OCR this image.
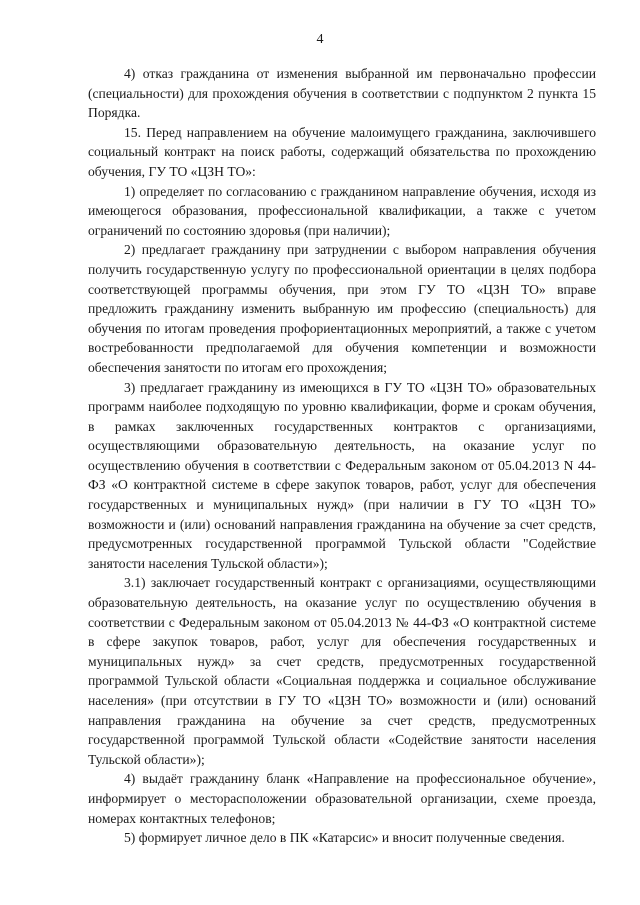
4

4) отказ гражданина от изменения выбранной им первоначально профессии (специальности) для прохождения обучения в соответствии с подпунктом 2 пункта 15 Порядка.

15. Перед направлением на обучение малоимущего гражданина, заключившего социальный контракт на поиск работы, содержащий обязательства по прохождению обучения, ГУ ТО «ЦЗН ТО»:

1) определяет по согласованию с гражданином направление обучения, исходя из имеющегося образования, профессиональной квалификации, а также с учетом ограничений по состоянию здоровья (при наличии);

2) предлагает гражданину при затруднении с выбором направления обучения получить государственную услугу по профессиональной ориентации в целях подбора соответствующей программы обучения, при этом ГУ ТО «ЦЗН ТО» вправе предложить гражданину изменить выбранную им профессию (специальность) для обучения по итогам проведения профориентационных мероприятий, а также с учетом востребованности предполагаемой для обучения компетенции и возможности обеспечения занятости по итогам его прохождения;

3) предлагает гражданину из имеющихся в ГУ ТО «ЦЗН ТО» образовательных программ наиболее подходящую по уровню квалификации, форме и срокам обучения, в рамках заключенных государственных контрактов с организациями, осуществляющими образовательную деятельность, на оказание услуг по осуществлению обучения в соответствии с Федеральным законом от 05.04.2013 N 44-ФЗ «О контрактной системе в сфере закупок товаров, работ, услуг для обеспечения государственных и муниципальных нужд» (при наличии в ГУ ТО «ЦЗН ТО» возможности и (или) оснований направления гражданина на обучение за счет средств, предусмотренных государственной программой Тульской области "Содействие занятости населения Тульской области»);

3.1) заключает государственный контракт с организациями, осуществляющими образовательную деятельность, на оказание услуг по осуществлению обучения в соответствии с Федеральным законом от 05.04.2013 № 44-ФЗ «О контрактной системе в сфере закупок товаров, работ, услуг для обеспечения государственных и муниципальных нужд» за счет средств, предусмотренных государственной программой Тульской области «Социальная поддержка и социальное обслуживание населения» (при отсутствии в ГУ ТО «ЦЗН ТО» возможности и (или) оснований направления гражданина на обучение за счет средств, предусмотренных государственной программой Тульской области «Содействие занятости населения Тульской области»);

4) выдаёт гражданину бланк «Направление на профессиональное обучение», информирует о месторасположении образовательной организации, схеме проезда, номерах контактных телефонов;

5) формирует личное дело в ПК «Катарсис» и вносит полученные сведения.
